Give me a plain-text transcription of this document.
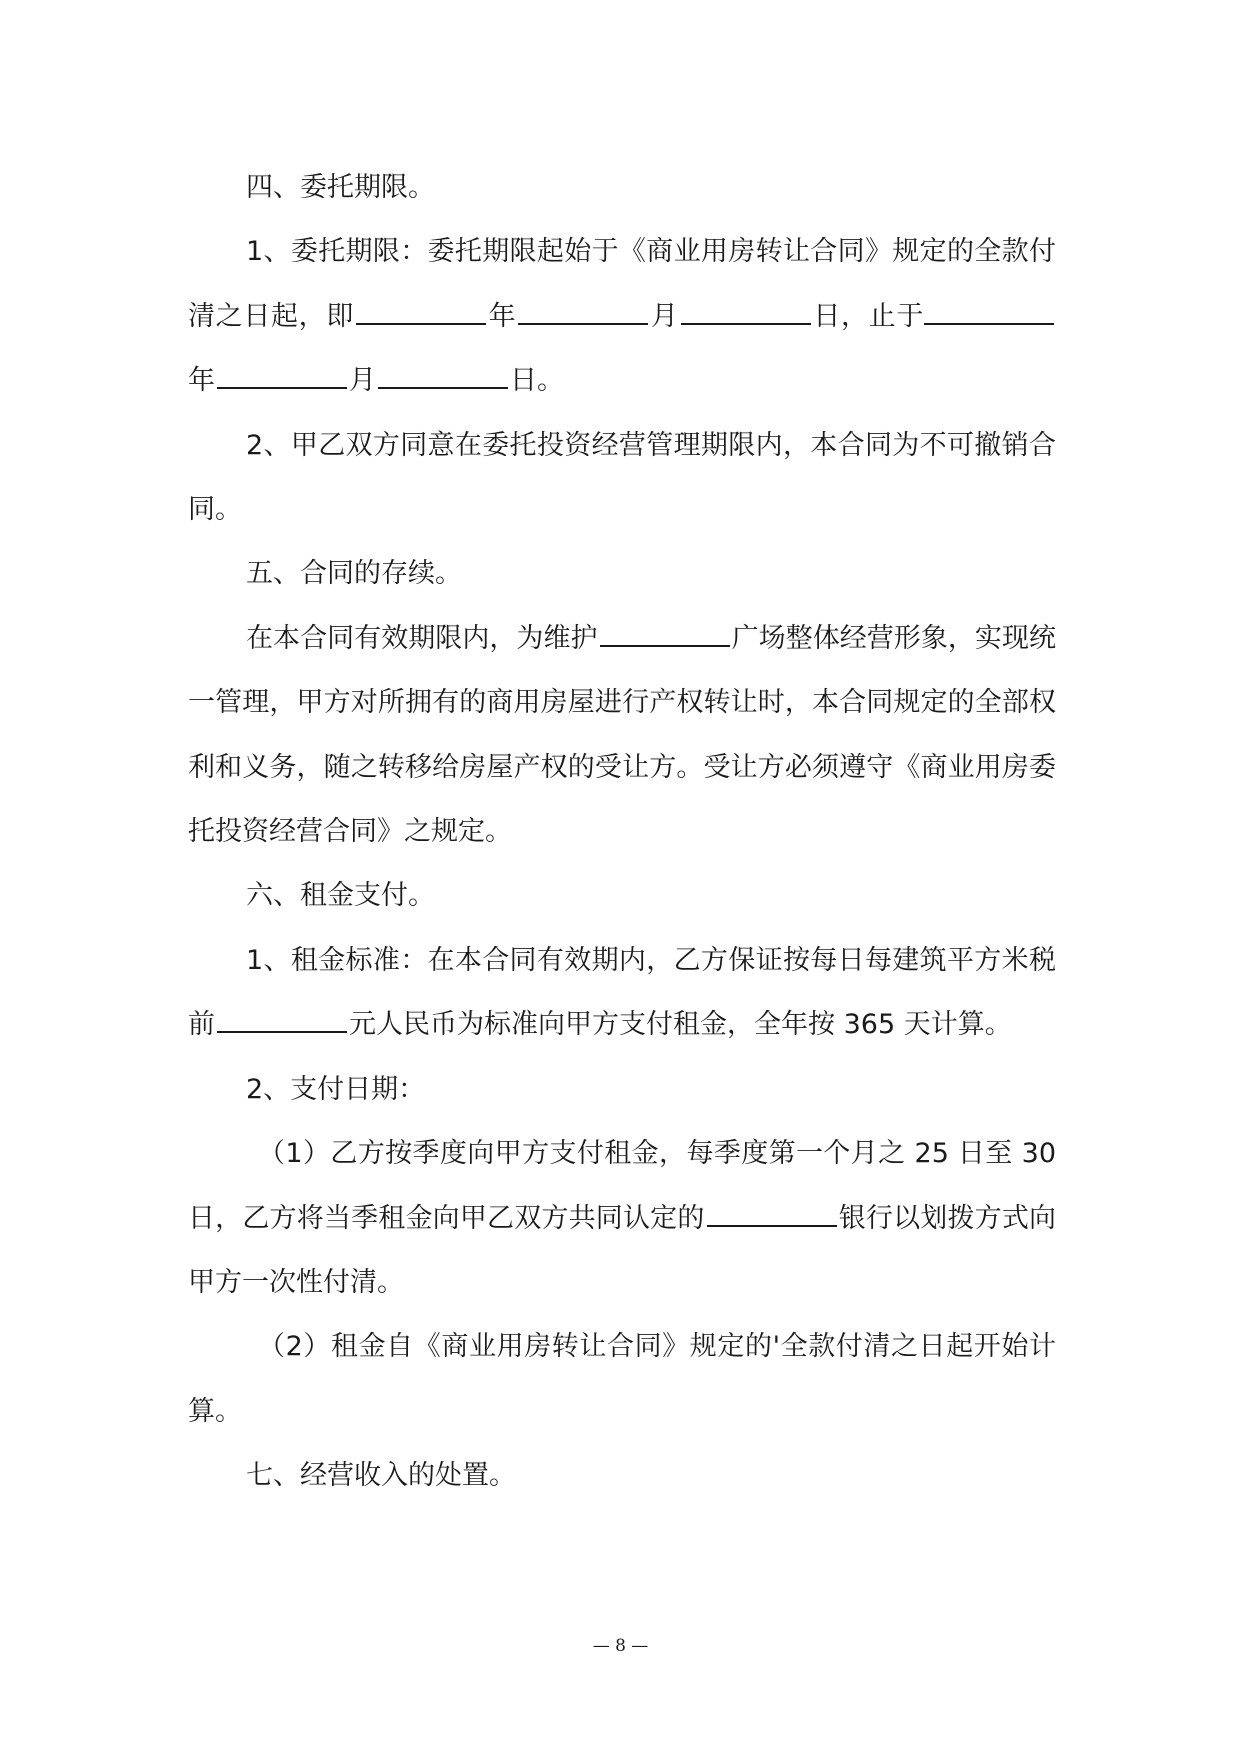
四、委托期限。

1、委托期限：委托期限起始于《商业用房转让合同》规定的全款付清之日起，即	年	月	日，止于年	月	日。

2、甲乙双方同意在委托投资经营管理期限内，本合同为不可撤销合同。

五、合同的存续。

在本合同有效期限内，为维护	广场整体经营形象，实现统一管理，甲方对所拥有的商用房屋进行产权转让时，本合同规定的全部权利和义务，随之转移给房屋产权的受让方。受让方必须遵守《商业用房委托投资经营合同》之规定。

六、租金支付。

1、租金标准：在本合同有效期内，乙方保证按每日每建筑平方米税前	元人民币为标准向甲方支付租金，全年按 365 天计算。

2、支付日期：

（1）乙方按季度向甲方支付租金，每季度第一个月之 25 日至 30 日，乙方将当季租金向甲乙双方共同认定的	银行以划拨方式向甲方一次性付清。

（2）租金自《商业用房转让合同》规定的'全款付清之日起开始计算。

七、经营收入的处置。

— 8 —
